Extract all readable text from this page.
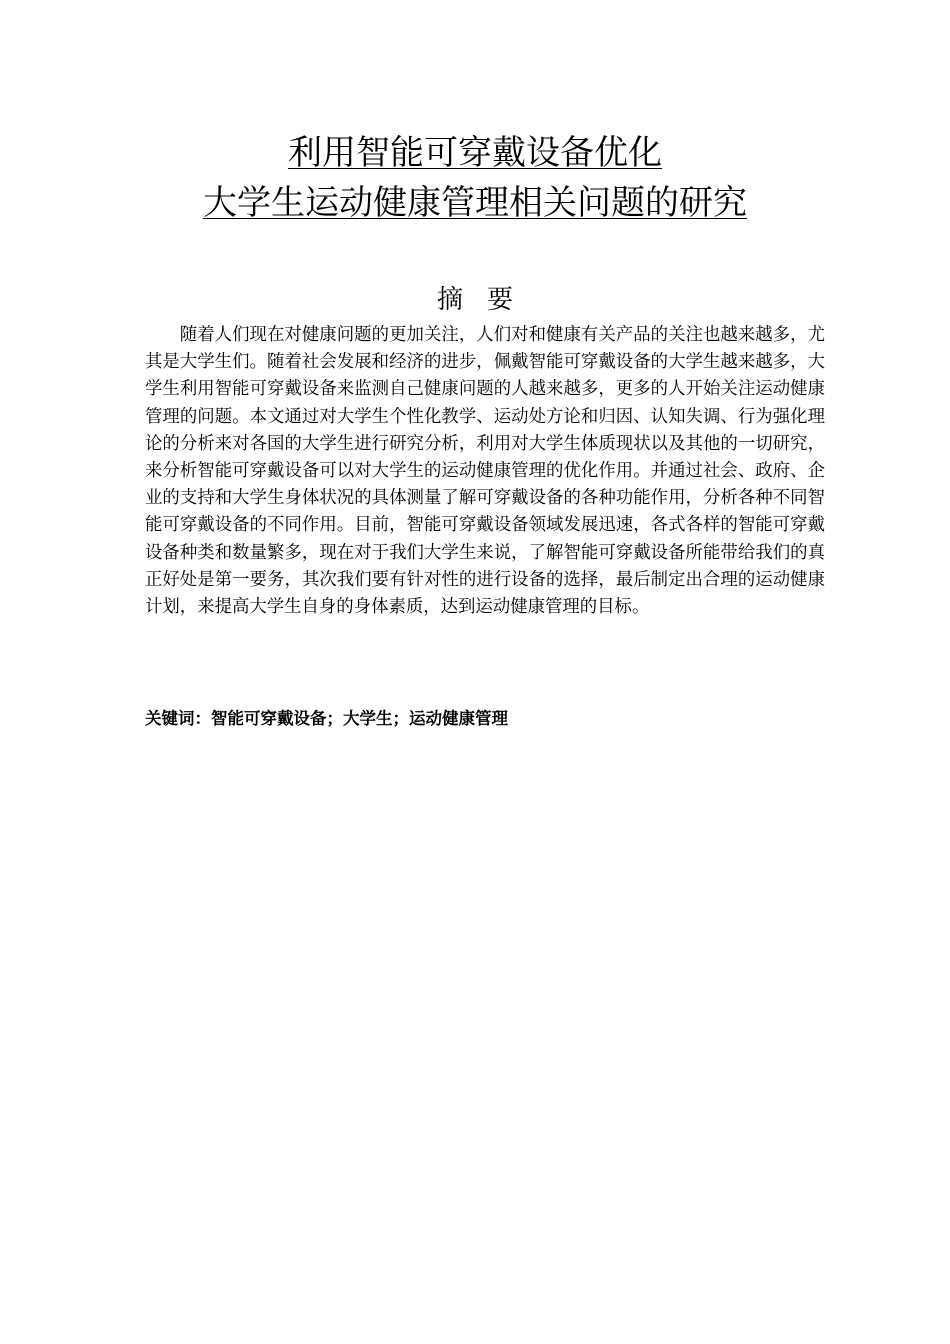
利用智能可穿戴设备优化
大学生运动健康管理相关问题的研究
摘要

随着人们现在对健康问题的更加关注，人们对和健康有关产品的关注也越来越多，尤其是大学生们。随着社会发展和经济的进步，佩戴智能可穿戴设备的大学生越来越多，大学生利用智能可穿戴设备来监测自己健康问题的人越来越多，更多的人开始关注运动健康管理的问题。本文通过对大学生个性化教学、运动处方论和归因、认知失调、行为强化理论的分析来对各国的大学生进行研究分析，利用对大学生体质现状以及其他的一切研究，来分析智能可穿戴设备可以对大学生的运动健康管理的优化作用。并通过社会、政府、企业的支持和大学生身体状况的具体测量了解可穿戴设备的各种功能作用，分析各种不同智能可穿戴设备的不同作用。目前，智能可穿戴设备领域发展迅速，各式各样的智能可穿戴设备种类和数量繁多，现在对于我们大学生来说，了解智能可穿戴设备所能带给我们的真正好处是第一要务，其次我们要有针对性的进行设备的选择，最后制定出合理的运动健康计划，来提高大学生自身的身体素质，达到运动健康管理的目标。

关键词：智能可穿戴设备；大学生；运动健康管理
